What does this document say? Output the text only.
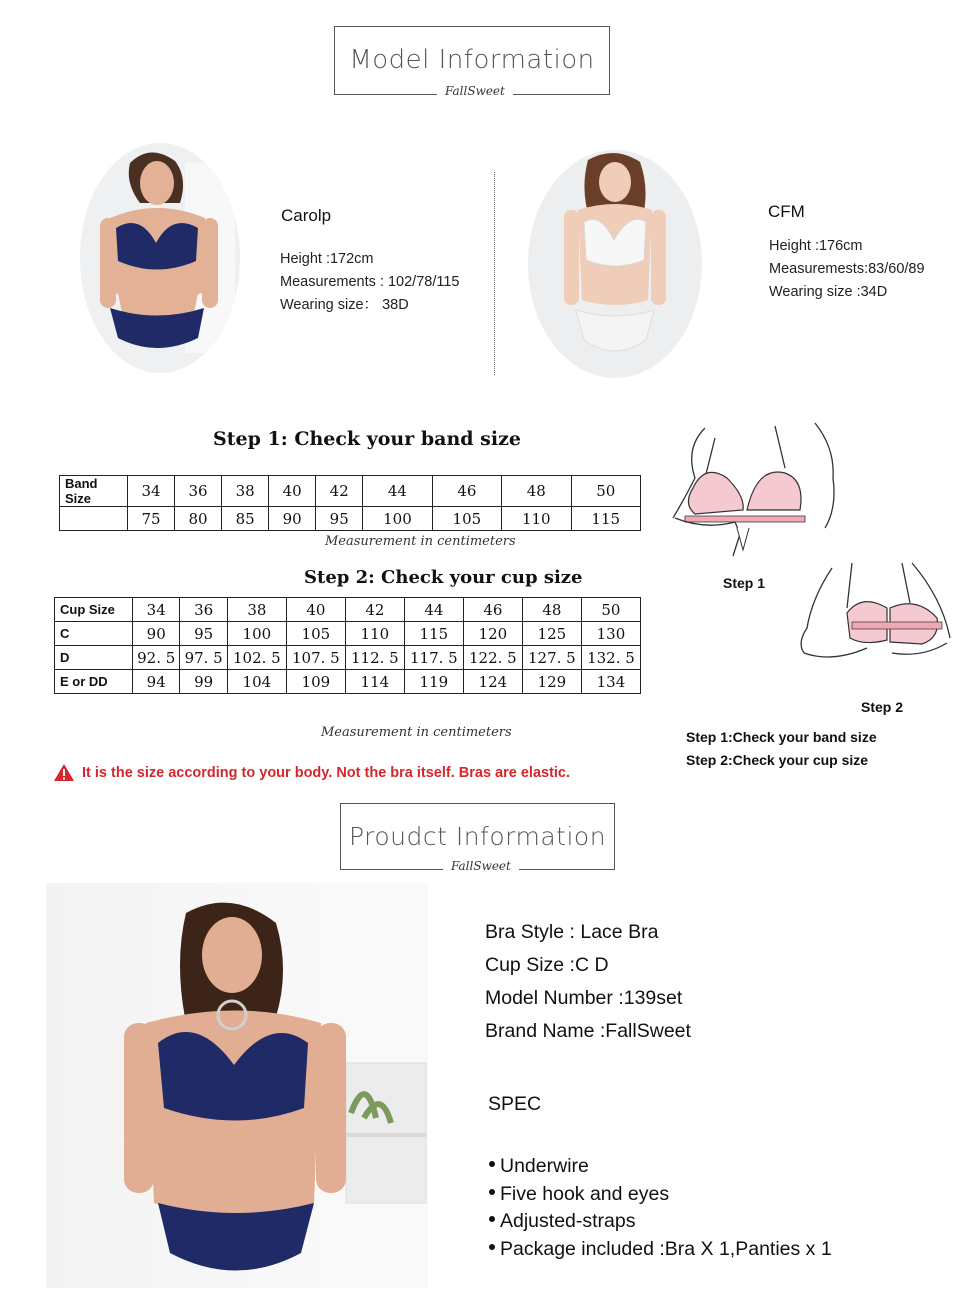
Model Information
FallSweet
Carolp
Height :172cm
Measurements : 102/78/115
Wearing size： 38D
CFM
Height :176cm
Measuremests:83/60/89
Wearing size :34D
Step 1: Check your band size
Band Size	34	36	38	40	42	44	46	48	50
	75	80	85	90	95	100	105	110	115
Measurement in centimeters
Step 2: Check your cup size
Cup Size	34	36	38	40	42	44	46	48	50
C	90	95	100	105	110	115	120	125	130
D	92. 5	97. 5	102. 5	107. 5	112. 5	117. 5	122. 5	127. 5	132. 5
E or DD	94	99	104	109	114	119	124	129	134
Measurement in centimeters
It is the size according to your body. Not the bra itself. Bras are elastic.
Step 1
Step 2
Step 1:Check your band size
Step 2:Check your cup size
Proudct Information
FallSweet
Bra Style : Lace Bra
Cup Size :C D
Model Number :139set
Brand Name :FallSweet
SPEC
Underwire
Five hook and eyes
Adjusted-straps
Package included :Bra X 1,Panties x 1
